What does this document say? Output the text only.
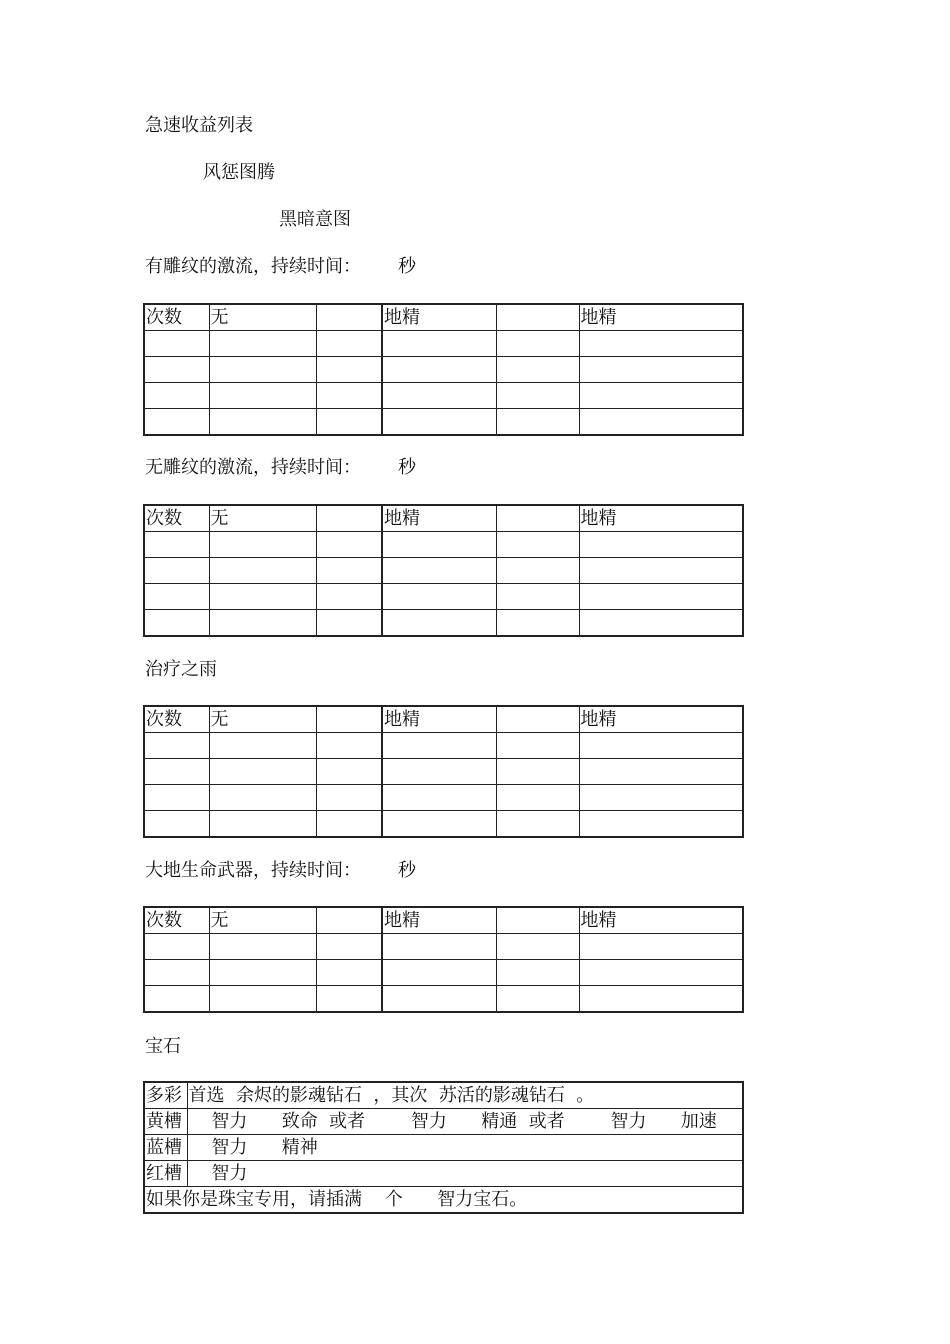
急速收益列表
风惩图腾
黑暗意图
有雕纹的激流，持续时间： 秒
次数	无		地精		地精

无雕纹的激流，持续时间： 秒
次数	无		地精		地精

治疗之雨
次数	无		地精		地精

大地生命武器，持续时间： 秒
次数	无		地精		地精

宝石
多彩	首选  余烬的影魂钻石  ，其次  苏活的影魂钻石  。
黄槽	智力      致命  或者        智力      精通  或者        智力      加速
蓝槽	智力      精神
红槽	智力
如果你是珠宝专用，请插满    个      智力宝石。	
